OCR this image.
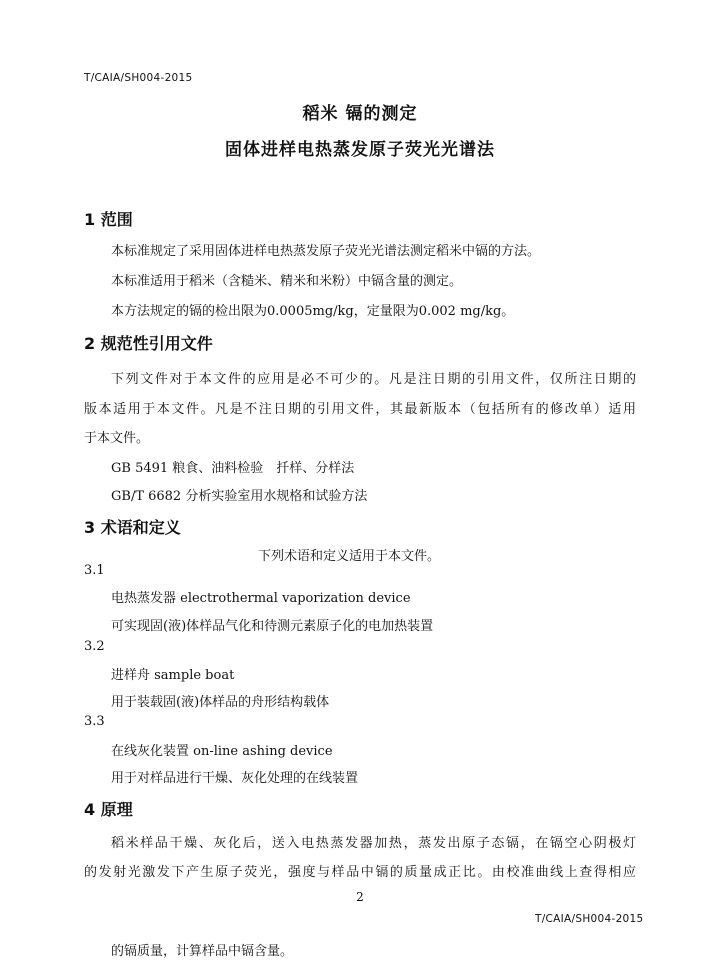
T/CAIA/SH004-2015
稻米 镉的测定
固体进样电热蒸发原子荧光光谱法
1 范围
本标准规定了采用固体进样电热蒸发原子荧光光谱法测定稻米中镉的方法。
本标准适用于稻米（含糙米、精米和米粉）中镉含量的测定。
本方法规定的镉的检出限为0.0005mg/kg，定量限为0.002 mg/kg。
2 规范性引用文件
下列文件对于本文件的应用是必不可少的。凡是注日期的引用文件，仅所注日期的
版本适用于本文件。凡是不注日期的引用文件，其最新版本（包括所有的修改单）适用
于本文件。
GB 5491 粮食、油料检验　扦样、分样法
GB/T 6682 分析实验室用水规格和试验方法
3 术语和定义
下列术语和定义适用于本文件。
3.1
电热蒸发器 electrothermal vaporization device
可实现固(液)体样品气化和待测元素原子化的电加热装置
3.2
进样舟 sample boat
用于装载固(液)体样品的舟形结构载体
3.3
在线灰化装置 on-line ashing device
用于对样品进行干燥、灰化处理的在线装置
4 原理
稻米样品干燥、灰化后，送入电热蒸发器加热，蒸发出原子态镉，在镉空心阴极灯
的发射光激发下产生原子荧光，强度与样品中镉的质量成正比。由校准曲线上查得相应
2
T/CAIA/SH004-2015
的镉质量，计算样品中镉含量。
